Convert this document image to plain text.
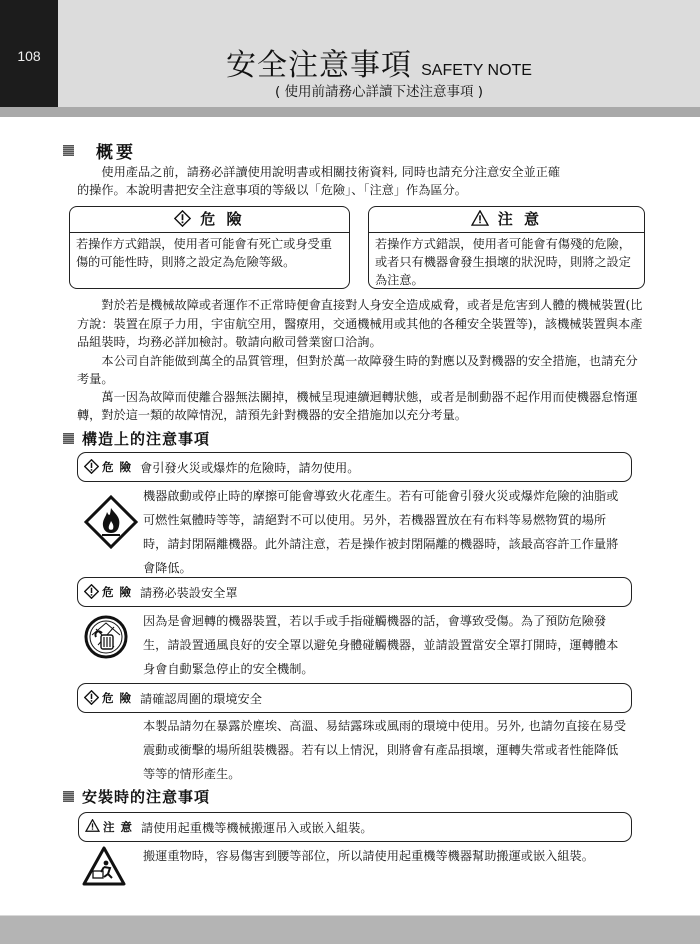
108	安全注意事項 SAFETY NOTE
( 使用前請務心詳讀下述注意事項 )
概要

使用產品之前，請務必詳讀使用說明書或相關技術資料, 同時也請充分注意安全並正確
的操作。本說明書把安全注意事項的等級以「危險」、「注意」作為區分。

危 險
若操作方式錯誤，使用者可能會有死亡或身受重傷的可能性時，則將之設定為危險等級。
注 意
若操作方式錯誤，使用者可能會有傷殘的危險，或者只有機器會發生損壞的狀況時，則將之設定為注意。

對於若是機械故障或者運作不正常時便會直接對人身安全造成威脅，或者是危害到人體的機械裝置(比方說：裝置在原子力用，宇宙航空用，醫療用，交通機械用或其他的各種安全裝置等)，該機械裝置與本產品組裝時，均務必詳加檢討。敬請向敝司營業窗口洽詢。

本公司自許能做到萬全的品質管理，但對於萬一故障發生時的對應以及對機器的安全措施，也請充分考量。

萬一因為故障而使離合器無法關掉，機械呈現連續迴轉狀態，或者是制動器不起作用而使機器怠惰運轉，對於這一類的故障情況，請預先針對機器的安全措施加以充分考量。

構造上的注意事項
危 險 會引發火災或爆炸的危險時，請勿使用。

機器啟動或停止時的摩擦可能會導致火花產生。若有可能會引發火災或爆炸危險的油脂或可燃性氣體時等等，請絕對不可以使用。另外，若機器置放在有布料等易燃物質的場所時，請封閉隔離機器。此外請注意，若是操作被封閉隔離的機器時，該最高容許工作量將會降低。

危 險 請務必裝設安全罩

因為是會迴轉的機器裝置，若以手或手指碰觸機器的話，會導致受傷。為了預防危險發生，請設置通風良好的安全罩以避免身體碰觸機器，並請設置當安全罩打開時，運轉體本身會自動緊急停止的安全機制。

危 險 請確認周圍的環境安全

本製品請勿在暴露於塵埃、高溫、易結露珠或風雨的環境中使用。另外, 也請勿直接在易受震動或衝擊的場所組裝機器。若有以上情況，則將會有產品損壞，運轉失常或者性能降低等等的情形產生。

安裝時的注意事項
注 意 請使用起重機等機械搬運吊入或嵌入組裝。

搬運重物時，容易傷害到腰等部位，所以請使用起重機等機器幫助搬運或嵌入組裝。
